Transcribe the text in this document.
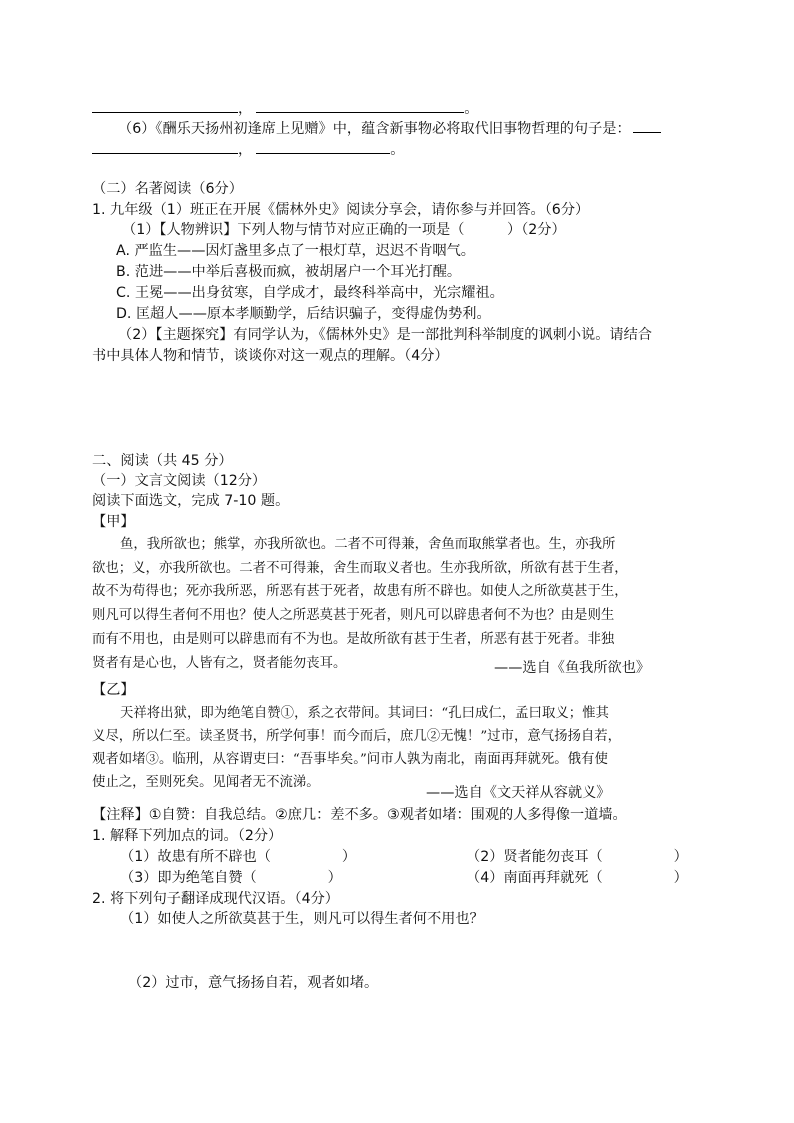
，	。
（6）《酬乐天扬州初逢席上见赠》中，蕴含新事物必将取代旧事物哲理的句子是：
，	。
（二）名著阅读（6分）
1. 九年级（1）班正在开展《儒林外史》阅读分享会，请你参与并回答。（6分）
（1）【人物辨识】下列人物与情节对应正确的一项是（　　　）（2分）
A. 严监生——因灯盏里多点了一根灯草，迟迟不肯咽气。
B. 范进——中举后喜极而疯，被胡屠户一个耳光打醒。
C. 王冕——出身贫寒，自学成才，最终科举高中，光宗耀祖。
D. 匡超人——原本孝顺勤学，后结识骗子，变得虚伪势利。
（2）【主题探究】有同学认为，《儒林外史》是一部批判科举制度的讽刺小说。请结合
书中具体人物和情节，谈谈你对这一观点的理解。（4分）
二、阅读（共 45 分）
（一）文言文阅读（12分）
阅读下面选文，完成 7-10 题。
【甲】
鱼，我所欲也；熊掌，亦我所欲也。二者不可得兼，舍鱼而取熊掌者也。生，亦我所
欲也；义，亦我所欲也。二者不可得兼，舍生而取义者也。生亦我所欲，所欲有甚于生者，
故不为苟得也；死亦我所恶，所恶有甚于死者，故患有所不辟也。如使人之所欲莫甚于生，
则凡可以得生者何不用也？使人之所恶莫甚于死者，则凡可以辟患者何不为也？由是则生
而有不用也，由是则可以辟患而有不为也。是故所欲有甚于生者，所恶有甚于死者。非独
贤者有是心也，人皆有之，贤者能勿丧耳。	——选自《鱼我所欲也》
【乙】
天祥将出狱，即为绝笔自赞①，系之衣带间。其词曰：“孔曰成仁，孟曰取义；惟其
义尽，所以仁至。读圣贤书，所学何事！而今而后，庶几②无愧！”过市，意气扬扬自若，
观者如堵③。临刑，从容谓吏曰：“吾事毕矣。”问市人孰为南北，南面再拜就死。俄有使
使止之，至则死矣。见闻者无不流涕。
——选自《文天祥从容就义》
【注释】①自赞：自我总结。②庶几：差不多。③观者如堵：围观的人多得像一道墙。
1. 解释下列加点的词。（2分）
（1）故患有所不辟也（　　　　　）	（2）贤者能勿丧耳（　　　　　）
（3）即为绝笔自赞（　　　　　）	（4）南面再拜就死（　　　　　）
2. 将下列句子翻译成现代汉语。（4分）
（1）如使人之所欲莫甚于生，则凡可以得生者何不用也？
（2）过市，意气扬扬自若，观者如堵。
